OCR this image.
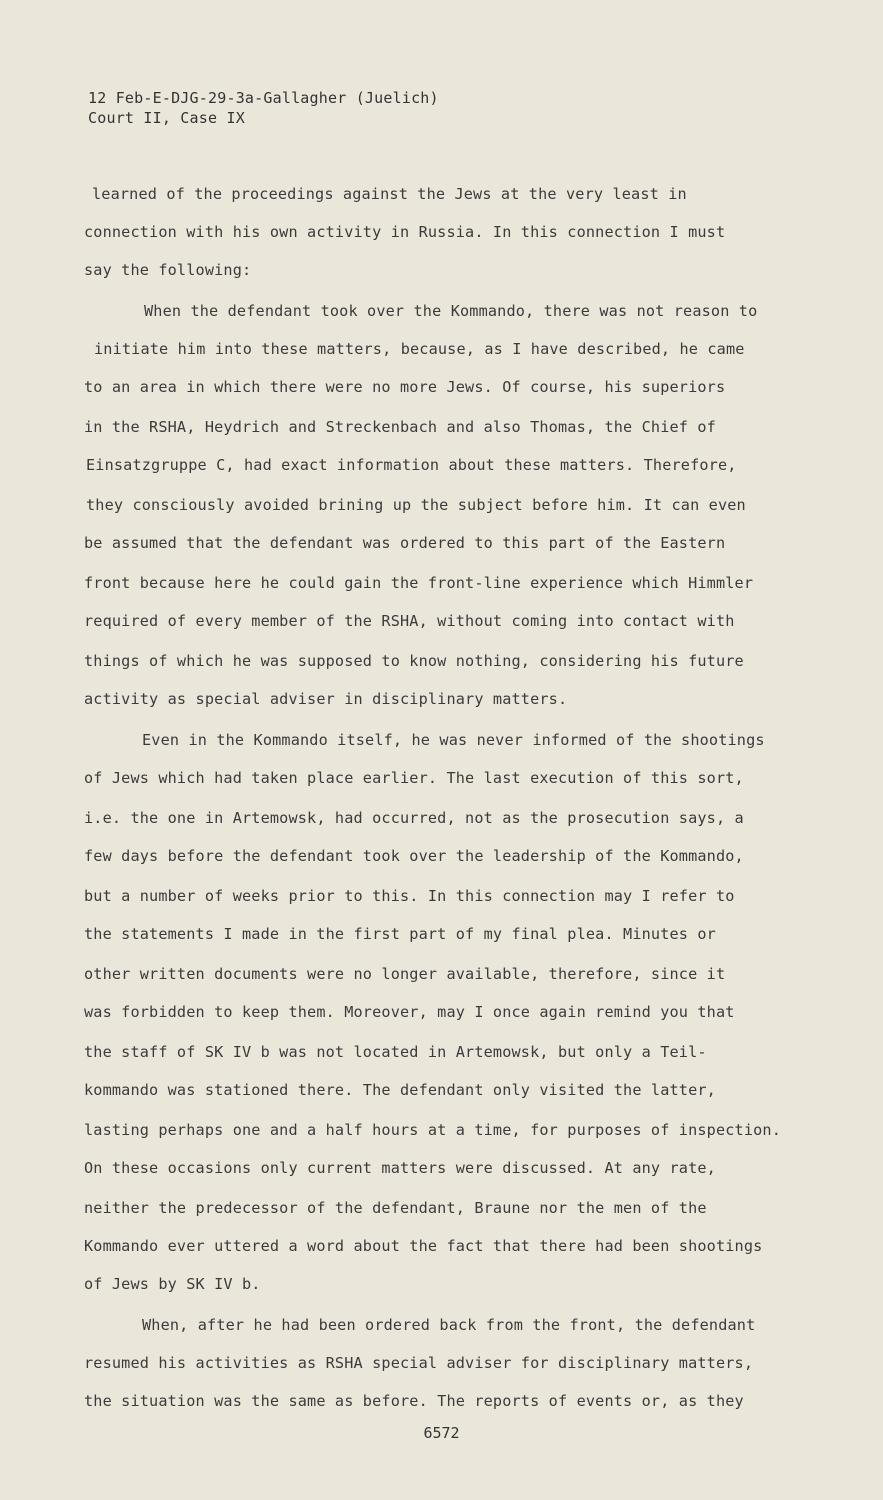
12 Feb-E-DJG-29-3a-Gallagher (Juelich)
Court II, Case IX
learned of the proceedings against the Jews at the very least in
connection with his own activity in Russia. In this connection I must
say the following:
When the defendant took over the Kommando, there was not reason to
initiate him into these matters, because, as I have described, he came
to an area in which there were no more Jews. Of course, his superiors
in the RSHA, Heydrich and Streckenbach and also Thomas, the Chief of
Einsatzgruppe C, had exact information about these matters. Therefore,
they consciously avoided brining up the subject before him. It can even
be assumed that the defendant was ordered to this part of the Eastern
front because here he could gain the front-line experience which Himmler
required of every member of the RSHA, without coming into contact with
things of which he was supposed to know nothing, considering his future
activity as special adviser in disciplinary matters.
Even in the Kommando itself, he was never informed of the shootings
of Jews which had taken place earlier. The last execution of this sort,
i.e. the one in Artemowsk, had occurred, not as the prosecution says, a
few days before the defendant took over the leadership of the Kommando,
but a number of weeks prior to this. In this connection may I refer to
the statements I made in the first part of my final plea. Minutes or
other written documents were no longer available, therefore, since it
was forbidden to keep them. Moreover, may I once again remind you that
the staff of SK IV b was not located in Artemowsk, but only a Teil-
kommando was stationed there. The defendant only visited the latter,
lasting perhaps one and a half hours at a time, for purposes of inspection.
On these occasions only current matters were discussed. At any rate,
neither the predecessor of the defendant, Braune nor the men of the
Kommando ever uttered a word about the fact that there had been shootings
of Jews by SK IV b.
When, after he had been ordered back from the front, the defendant
resumed his activities as RSHA special adviser for disciplinary matters,
the situation was the same as before. The reports of events or, as they
6572
